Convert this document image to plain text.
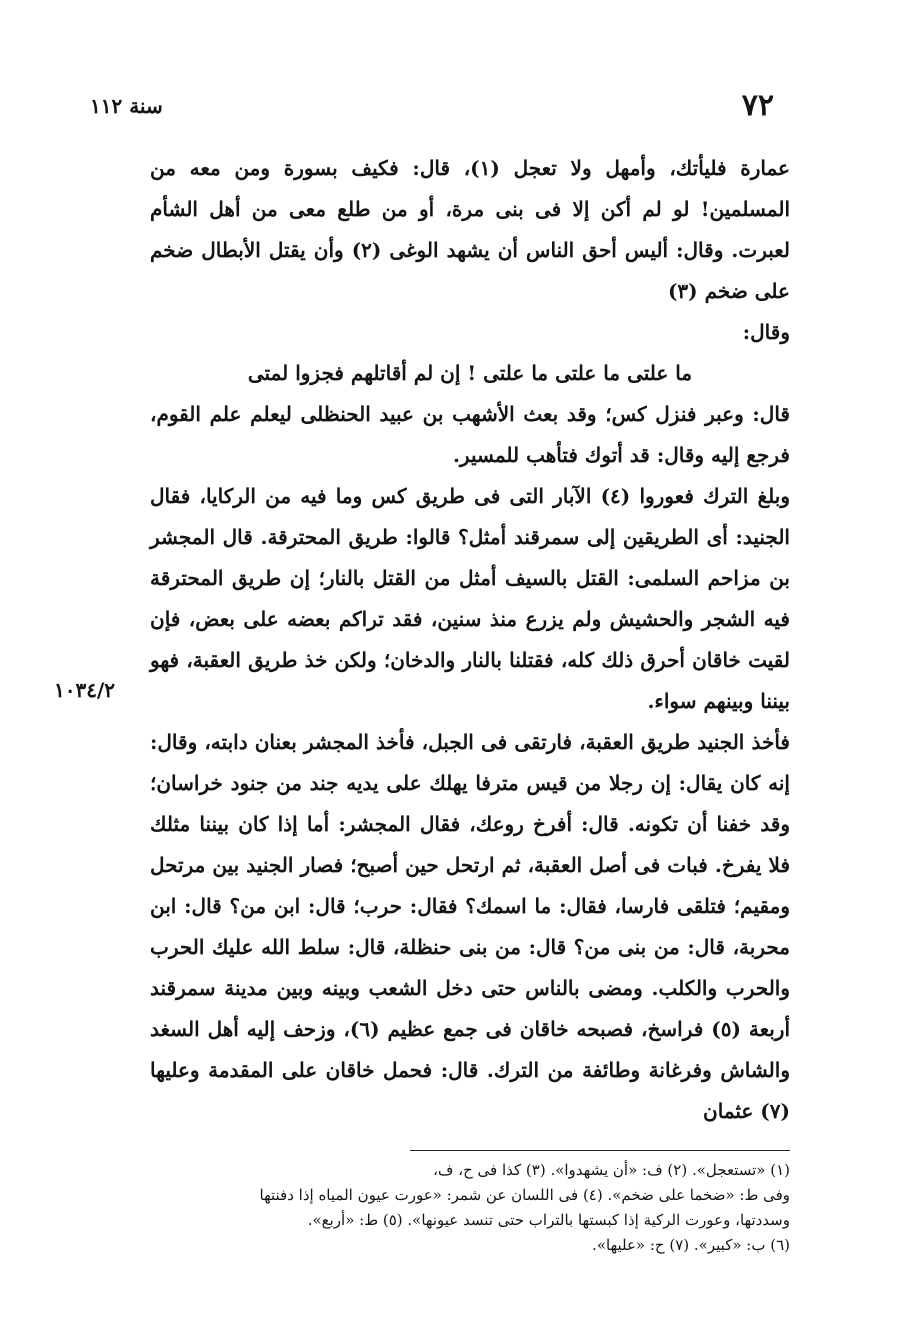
٧٢
سنة ١١٢

عمارة فليأتك، وأمهل ولا تعجل (١)، قال: فكيف بسورة ومن معه من المسلمين! لو لم أكن إلا فى بنى مرة، أو من طلع معى من أهل الشأم لعبرت. وقال: أليس أحق الناس أن يشهد الوغى (٢) وأن يقتل الأبطال ضخم على ضخم (٣)

وقال:

ما علتى ما علتى ما علتى ! إن لم أقاتلهم فجزوا لمتى

قال: وعبر فنزل كس؛ وقد بعث الأشهب بن عبيد الحنظلى ليعلم علم القوم، فرجع إليه وقال: قد أتوك فتأهب للمسير.

وبلغ الترك فعوروا (٤) الآبار التى فى طريق كس وما فيه من الركايا، فقال الجنيد: أى الطريقين إلى سمرقند أمثل؟ قالوا: طريق المحترقة. قال المجشر بن مزاحم السلمى: القتل بالسيف أمثل من القتل بالنار؛ إن طريق المحترقة فيه الشجر والحشيش ولم يزرع منذ سنين، فقد تراكم بعضه على بعض، فإن لقيت خاقان أحرق ذلك كله، فقتلنا بالنار والدخان؛ ولكن خذ طريق العقبة، فهو بيننا وبينهم سواء.

فأخذ الجنيد طريق العقبة، فارتقى فى الجبل، فأخذ المجشر بعنان دابته، وقال: إنه كان يقال: إن رجلا من قيس مترفا يهلك على يديه جند من جنود خراسان؛ وقد خفنا أن تكونه. قال: أفرخ روعك، فقال المجشر: أما إذا كان بيننا مثلك فلا يفرخ. فبات فى أصل العقبة، ثم ارتحل حين أصبح؛ فصار الجنيد بين مرتحل ومقيم؛ فتلقى فارسا، فقال: ما اسمك؟ فقال: حرب؛ قال: ابن من؟ قال: ابن محربة، قال: من بنى من؟ قال: من بنى حنظلة، قال: سلط الله عليك الحرب والحرب والكلب. ومضى بالناس حتى دخل الشعب وبينه وبين مدينة سمرقند أربعة (٥) فراسخ، فصبحه خاقان فى جمع عظيم (٦)، وزحف إليه أهل السغد والشاش وفرغانة وطائفة من الترك. قال: فحمل خاقان على المقدمة وعليها (٧) عثمان

١٠٣٤/٢
(١) «تستعجل». (٢) ف: «أن يشهدوا». (٣) كذا فى ح، ف،
وفى ط: «ضخما على ضخم». (٤) فى اللسان عن شمر: «عورت عيون المياه إذا دفنتها
وسددتها، وعورت الركية إذا كبستها بالتراب حتى تنسد عيونها». (٥) ط: «أربع».
(٦) ب: «كبير». (٧) ح: «عليها».
